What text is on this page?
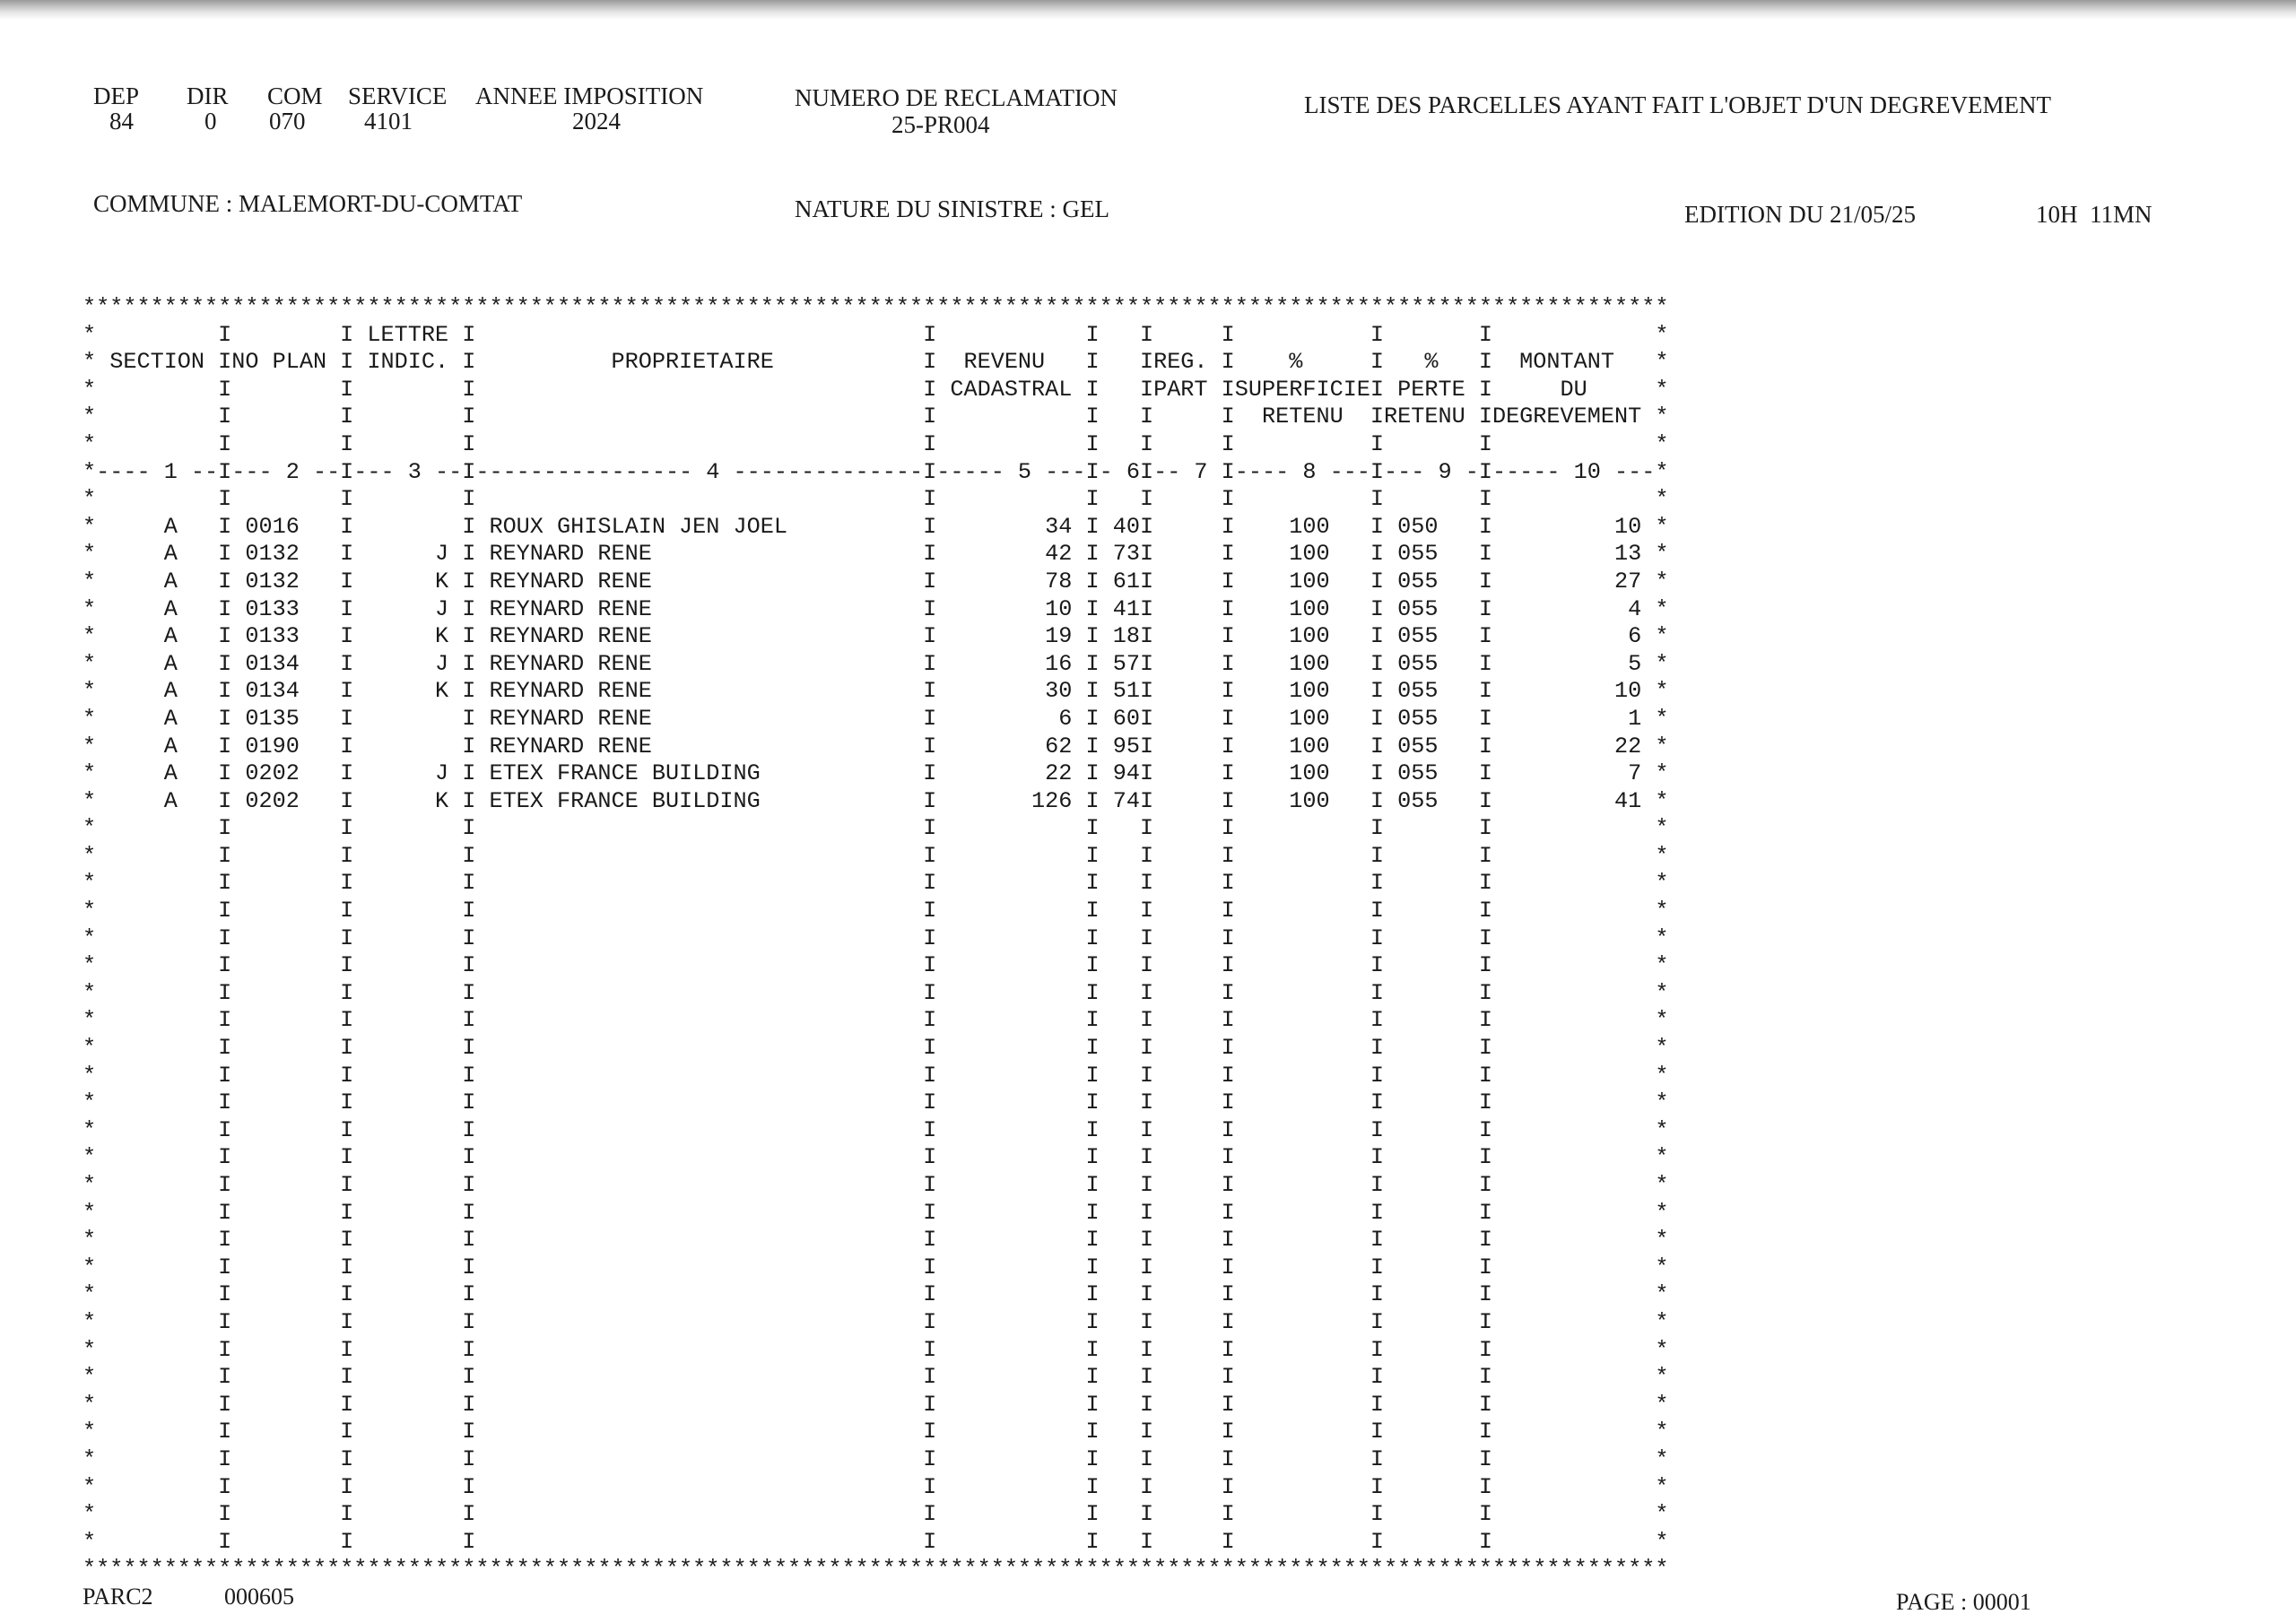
DEP
84
DIR
0
COM
070
SERVICE
4101
ANNEE IMPOSITION
2024
NUMERO DE RECLAMATION
25-PR004
LISTE DES PARCELLES AYANT FAIT L'OBJET D'UN DEGREVEMENT
COMMUNE : MALEMORT-DU-COMTAT	NATURE DU SINISTRE : GEL	EDITION DU 21/05/25	10H  11MN
*********************************************************************************************************************
*         I        I LETTRE I                                 I           I   I     I          I       I            *
* SECTION INO PLAN I INDIC. I          PROPRIETAIRE           I  REVENU   I   IREG. I    %     I   %   I  MONTANT   *
*         I        I        I                                 I CADASTRAL I   IPART ISUPERFICIEI PERTE I     DU     *
*         I        I        I                                 I           I   I     I  RETENU  IRETENU IDEGREVEMENT *
*         I        I        I                                 I           I   I     I          I       I            *
*---- 1 --I--- 2 --I--- 3 --I---------------- 4 --------------I----- 5 ---I- 6I-- 7 I---- 8 ---I--- 9 -I----- 10 ---*
*         I        I        I                                 I           I   I     I          I       I            *
*     A   I 0016   I        I ROUX GHISLAIN JEN JOEL          I        34 I 40I     I    100   I 050   I         10 *
*     A   I 0132   I      J I REYNARD RENE                    I        42 I 73I     I    100   I 055   I         13 *
*     A   I 0132   I      K I REYNARD RENE                    I        78 I 61I     I    100   I 055   I         27 *
*     A   I 0133   I      J I REYNARD RENE                    I        10 I 41I     I    100   I 055   I          4 *
*     A   I 0133   I      K I REYNARD RENE                    I        19 I 18I     I    100   I 055   I          6 *
*     A   I 0134   I      J I REYNARD RENE                    I        16 I 57I     I    100   I 055   I          5 *
*     A   I 0134   I      K I REYNARD RENE                    I        30 I 51I     I    100   I 055   I         10 *
*     A   I 0135   I        I REYNARD RENE                    I         6 I 60I     I    100   I 055   I          1 *
*     A   I 0190   I        I REYNARD RENE                    I        62 I 95I     I    100   I 055   I         22 *
*     A   I 0202   I      J I ETEX FRANCE BUILDING            I        22 I 94I     I    100   I 055   I          7 *
*     A   I 0202   I      K I ETEX FRANCE BUILDING            I       126 I 74I     I    100   I 055   I         41 *
*         I        I        I                                 I           I   I     I          I       I            *
*         I        I        I                                 I           I   I     I          I       I            *
*         I        I        I                                 I           I   I     I          I       I            *
*         I        I        I                                 I           I   I     I          I       I            *
*         I        I        I                                 I           I   I     I          I       I            *
*         I        I        I                                 I           I   I     I          I       I            *
*         I        I        I                                 I           I   I     I          I       I            *
*         I        I        I                                 I           I   I     I          I       I            *
*         I        I        I                                 I           I   I     I          I       I            *
*         I        I        I                                 I           I   I     I          I       I            *
*         I        I        I                                 I           I   I     I          I       I            *
*         I        I        I                                 I           I   I     I          I       I            *
*         I        I        I                                 I           I   I     I          I       I            *
*         I        I        I                                 I           I   I     I          I       I            *
*         I        I        I                                 I           I   I     I          I       I            *
*         I        I        I                                 I           I   I     I          I       I            *
*         I        I        I                                 I           I   I     I          I       I            *
*         I        I        I                                 I           I   I     I          I       I            *
*         I        I        I                                 I           I   I     I          I       I            *
*         I        I        I                                 I           I   I     I          I       I            *
*         I        I        I                                 I           I   I     I          I       I            *
*         I        I        I                                 I           I   I     I          I       I            *
*         I        I        I                                 I           I   I     I          I       I            *
*         I        I        I                                 I           I   I     I          I       I            *
*         I        I        I                                 I           I   I     I          I       I            *
*         I        I        I                                 I           I   I     I          I       I            *
*         I        I        I                                 I           I   I     I          I       I            *
*********************************************************************************************************************
PARC2	000605	PAGE : 00001
